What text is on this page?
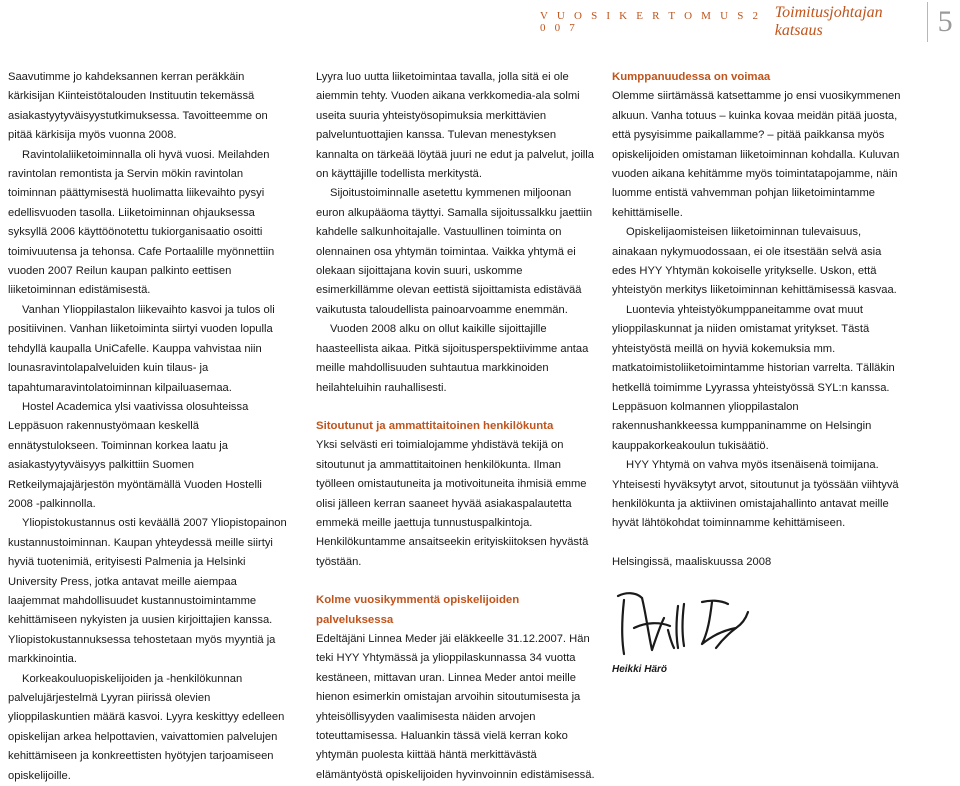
V U O S I K E R T O M U S 2 0 0 7
Toimitusjohtajan katsaus	5

Saavutimme jo kahdeksannen kerran peräkkäin kärkisijan Kiinteistötalouden Instituutin tekemässä asiakastyytyväisyystutkimuksessa. Tavoitteemme on pitää kärkisija myös vuonna 2008.

Ravintolaliiketoiminnalla oli hyvä vuosi. Meilahden ravintolan remontista ja Servin mökin ravintolan toiminnan päättymisestä huolimatta liikevaihto pysyi edellisvuoden tasolla. Liiketoiminnan ohjauksessa syksyllä 2006 käyttöönotettu tukiorganisaatio osoitti toimivuutensa ja tehonsa. Cafe Portaalille myönnettiin vuoden 2007 Reilun kaupan palkinto eettisen liiketoiminnan edistämisestä.

Vanhan Ylioppilastalon liikevaihto kasvoi ja tulos oli positiivinen. Vanhan liiketoiminta siirtyi vuoden lopulla tehdyllä kaupalla UniCafelle. Kauppa vahvistaa niin lounasravintolapalveluiden kuin tilaus- ja tapahtumaravintolatoiminnan kilpailuasemaa.

Hostel Academica ylsi vaativissa olosuhteissa Leppäsuon rakennustyömaan keskellä ennätystulokseen. Toiminnan korkea laatu ja asiakastyytyväisyys palkittiin Suomen Retkeilymajajärjestön myöntämällä Vuoden Hostelli 2008 -palkinnolla.

Yliopistokustannus osti keväällä 2007 Yliopistopainon kustannustoiminnan. Kaupan yhteydessä meille siirtyi hyviä tuotenimiä, erityisesti Palmenia ja Helsinki University Press, jotka antavat meille aiempaa laajemmat mahdollisuudet kustannustoimintamme kehittämiseen nykyisten ja uusien kirjoittajien kanssa. Yliopistokustannuksessa tehostetaan myös myyntiä ja markkinointia.

Korkeakouluopiskelijoiden ja -henkilökunnan palvelujärjestelmä Lyyran piirissä olevien ylioppilaskuntien määrä kasvoi. Lyyra keskittyy edelleen opiskelijan arkea helpottavien, vaivattomien palvelujen kehittämiseen ja konkreettisten hyötyjen tarjoamiseen opiskelijoille.

Lyyra luo uutta liiketoimintaa tavalla, jolla sitä ei ole aiemmin tehty. Vuoden aikana verkkomedia-ala solmi useita suuria yhteistyösopimuksia merkittävien palveluntuottajien kanssa. Tulevan menestyksen kannalta on tärkeää löytää juuri ne edut ja palvelut, joilla on käyttäjille todellista merkitystä.

Sijoitustoiminnalle asetettu kymmenen miljoonan euron alkupääoma täyttyi. Samalla sijoitussalkku jaettiin kahdelle salkunhoitajalle. Vastuullinen toiminta on olennainen osa yhtymän toimintaa. Vaikka yhtymä ei olekaan sijoittajana kovin suuri, uskomme esimerkillämme olevan eettistä sijoittamista edistävää vaikutusta taloudellista painoarvoamme enemmän.

Vuoden 2008 alku on ollut kaikille sijoittajille haasteellista aikaa. Pitkä sijoitusperspektiivimme antaa meille mahdollisuuden suhtautua markkinoiden heilahteluihin rauhallisesti.

Sitoutunut ja ammattitaitoinen henkilökunta

Yksi selvästi eri toimialojamme yhdistävä tekijä on sitoutunut ja ammattitaitoinen henkilökunta. Ilman työlleen omistautuneita ja motivoituneita ihmisiä emme olisi jälleen kerran saaneet hyvää asiakaspalautetta emmekä meille jaettuja tunnustuspalkintoja. Henkilökuntamme ansaitseekin erityiskiitoksen hyvästä työstään.

Kolme vuosikymmentä opiskelijoiden palveluksessa

Edeltäjäni Linnea Meder jäi eläkkeelle 31.12.2007. Hän teki HYY Yhtymässä ja ylioppilaskunnassa 34 vuotta kestäneen, mittavan uran. Linnea Meder antoi meille hienon esimerkin omistajan arvoihin sitoutumisesta ja yhteisöllisyyden vaalimisesta näiden arvojen toteuttamisessa. Haluankin tässä vielä kerran koko yhtymän puolesta kiittää häntä merkittävästä elämäntyöstä opiskelijoiden hyvinvoinnin edistämisessä.

Kumppanuudessa on voimaa

Olemme siirtämässä katsettamme jo ensi vuosikymmenen alkuun. Vanha totuus – kuinka kovaa meidän pitää juosta, että pysyisimme paikallamme? – pitää paikkansa myös opiskelijoiden omistaman liiketoiminnan kohdalla. Kuluvan vuoden aikana kehitämme myös toimintatapojamme, näin luomme entistä vahvemman pohjan liiketoimintamme kehittämiselle.

Opiskelijaomisteisen liiketoiminnan tulevaisuus, ainakaan nykymuodossaan, ei ole itsestään selvä asia edes HYY Yhtymän kokoiselle yritykselle. Uskon, että yhteistyön merkitys liiketoiminnan kehittämisessä kasvaa.

Luontevia yhteistyökumppaneitamme ovat muut ylioppilaskunnat ja niiden omistamat yritykset. Tästä yhteistyöstä meillä on hyviä kokemuksia mm. matkatoimistoliiketoimintamme historian varrelta. Tälläkin hetkellä toimimme Lyyrassa yhteistyössä SYL:n kanssa. Leppäsuon kolmannen ylioppilastalon rakennushankkeessa kumppaninamme on Helsingin kauppakorkeakoulun tukisäätiö.

HYY Yhtymä on vahva myös itsenäisenä toimijana. Yhteisesti hyväksytyt arvot, sitoutunut ja työssään viihtyvä henkilökunta ja aktiivinen omistajahallinto antavat meille hyvät lähtökohdat toiminnamme kehittämiseen.

Helsingissä, maaliskuussa 2008

Heikki Härö
